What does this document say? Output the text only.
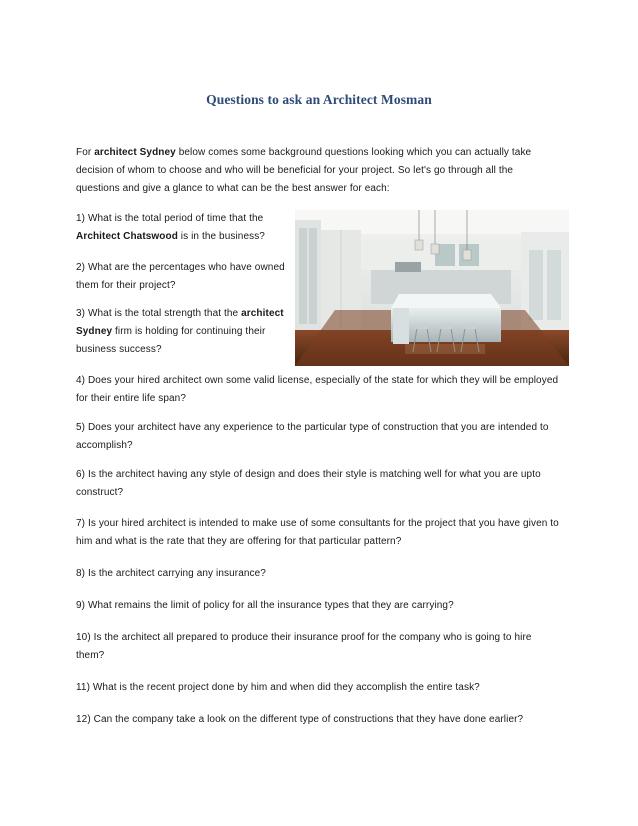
Questions to ask an Architect Mosman
For architect Sydney below comes some background questions looking which you can actually take decision of whom to choose and who will be beneficial for your project. So let's go through all the questions and give a glance to what can be the best answer for each:
1) What is the total period of time that the Architect Chatswood is in the business?
2) What are the percentages who have owned them for their project?
3) What is the total strength that the architect Sydney firm is holding for continuing their business success?
4) Does your hired architect own some valid license, especially of the state for which they will be employed for their entire life span?
5) Does your architect have any experience to the particular type of construction that you are intended to accomplish?
6) Is the architect having any style of design and does their style is matching well for what you are upto construct?
7) Is your hired architect is intended to make use of some consultants for the project that you have given to him and what is the rate that they are offering for that particular pattern?
8) Is the architect carrying any insurance?
9) What remains the limit of policy for all the insurance types that they are carrying?
10) Is the architect all prepared to produce their insurance proof for the company who is going to hire them?
11) What is the recent project done by him and when did they accomplish the entire task?
12) Can the company take a look on the different type of constructions that they have done earlier?
